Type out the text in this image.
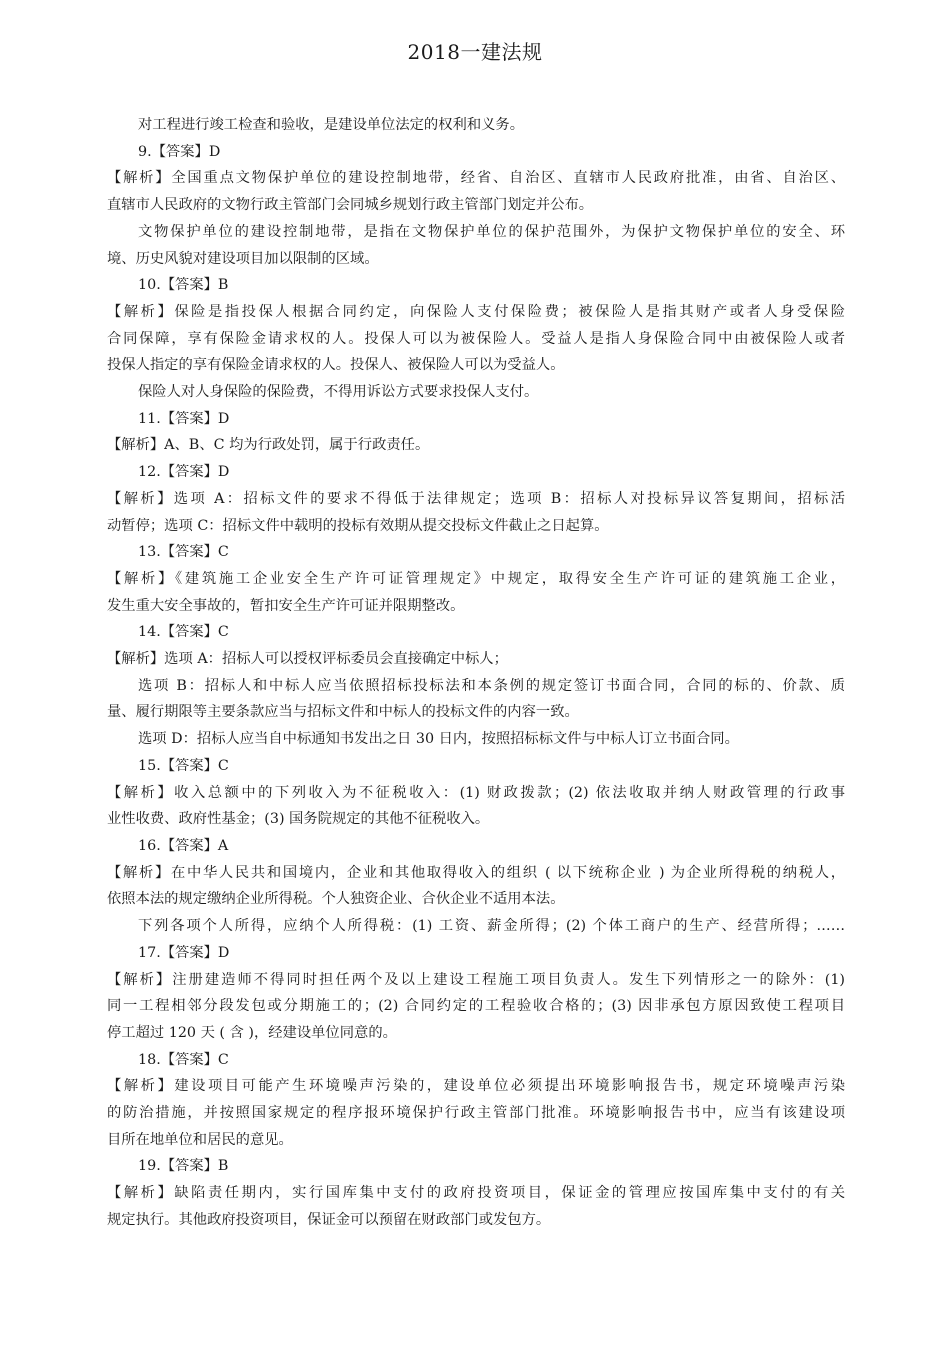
2018一建法规
对工程进行竣工检查和验收，是建设单位法定的权利和义务。
9.【答案】D
【解析】全国重点文物保护单位的建设控制地带，经省、自治区、直辖市人民政府批准，由省、自治区、
直辖市人民政府的文物行政主管部门会同城乡规划行政主管部门划定并公布。
文物保护单位的建设控制地带，是指在文物保护单位的保护范围外，为保护文物保护单位的安全、环
境、历史风貌对建设项目加以限制的区域。
10.【答案】B
【解析】保险是指投保人根据合同约定，向保险人支付保险费；被保险人是指其财产或者人身受保险
合同保障，享有保险金请求权的人。投保人可以为被保险人。受益人是指人身保险合同中由被保险人或者
投保人指定的享有保险金请求权的人。投保人、被保险人可以为受益人。
保险人对人身保险的保险费，不得用诉讼方式要求投保人支付。
11.【答案】D
【解析】A、B、C 均为行政处罚，属于行政责任。
12.【答案】D
【解析】选项 A：招标文件的要求不得低于法律规定；选项 B：招标人对投标异议答复期间，招标活
动暂停；选项 C：招标文件中载明的投标有效期从提交投标文件截止之日起算。
13.【答案】C
【解析】《建筑施工企业安全生产许可证管理规定》中规定，取得安全生产许可证的建筑施工企业，
发生重大安全事故的，暂扣安全生产许可证并限期整改。
14.【答案】C
【解析】选项 A：招标人可以授权评标委员会直接确定中标人；
选项 B：招标人和中标人应当依照招标投标法和本条例的规定签订书面合同，合同的标的、价款、质
量、履行期限等主要条款应当与招标文件和中标人的投标文件的内容一致。
选项 D：招标人应当自中标通知书发出之日 30 日内，按照招标标文件与中标人订立书面合同。
15.【答案】C
【解析】收入总额中的下列收入为不征税收入：(1) 财政拨款；(2) 依法收取并纳人财政管理的行政事
业性收费、政府性基金；(3) 国务院规定的其他不征税收入。
16.【答案】A
【解析】在中华人民共和国境内，企业和其他取得收入的组织 ( 以下统称企业 ) 为企业所得税的纳税人，
依照本法的规定缴纳企业所得税。个人独资企业、合伙企业不适用本法。
下列各项个人所得，应纳个人所得税：(1) 工资、薪金所得；(2) 个体工商户的生产、经营所得；……
17.【答案】D
【解析】注册建造师不得同时担任两个及以上建设工程施工项目负责人。发生下列情形之一的除外：(1)
同一工程相邻分段发包或分期施工的；(2) 合同约定的工程验收合格的；(3) 因非承包方原因致使工程项目
停工超过 120 天 ( 含 )，经建设单位同意的。
18.【答案】C
【解析】建设项目可能产生环境噪声污染的，建设单位必须提出环境影响报告书，规定环境噪声污染
的防治措施，并按照国家规定的程序报环境保护行政主管部门批准。环境影响报告书中，应当有该建设项
目所在地单位和居民的意见。
19.【答案】B
【解析】缺陷责任期内，实行国库集中支付的政府投资项目，保证金的管理应按国库集中支付的有关
规定执行。其他政府投资项目，保证金可以预留在财政部门或发包方。
